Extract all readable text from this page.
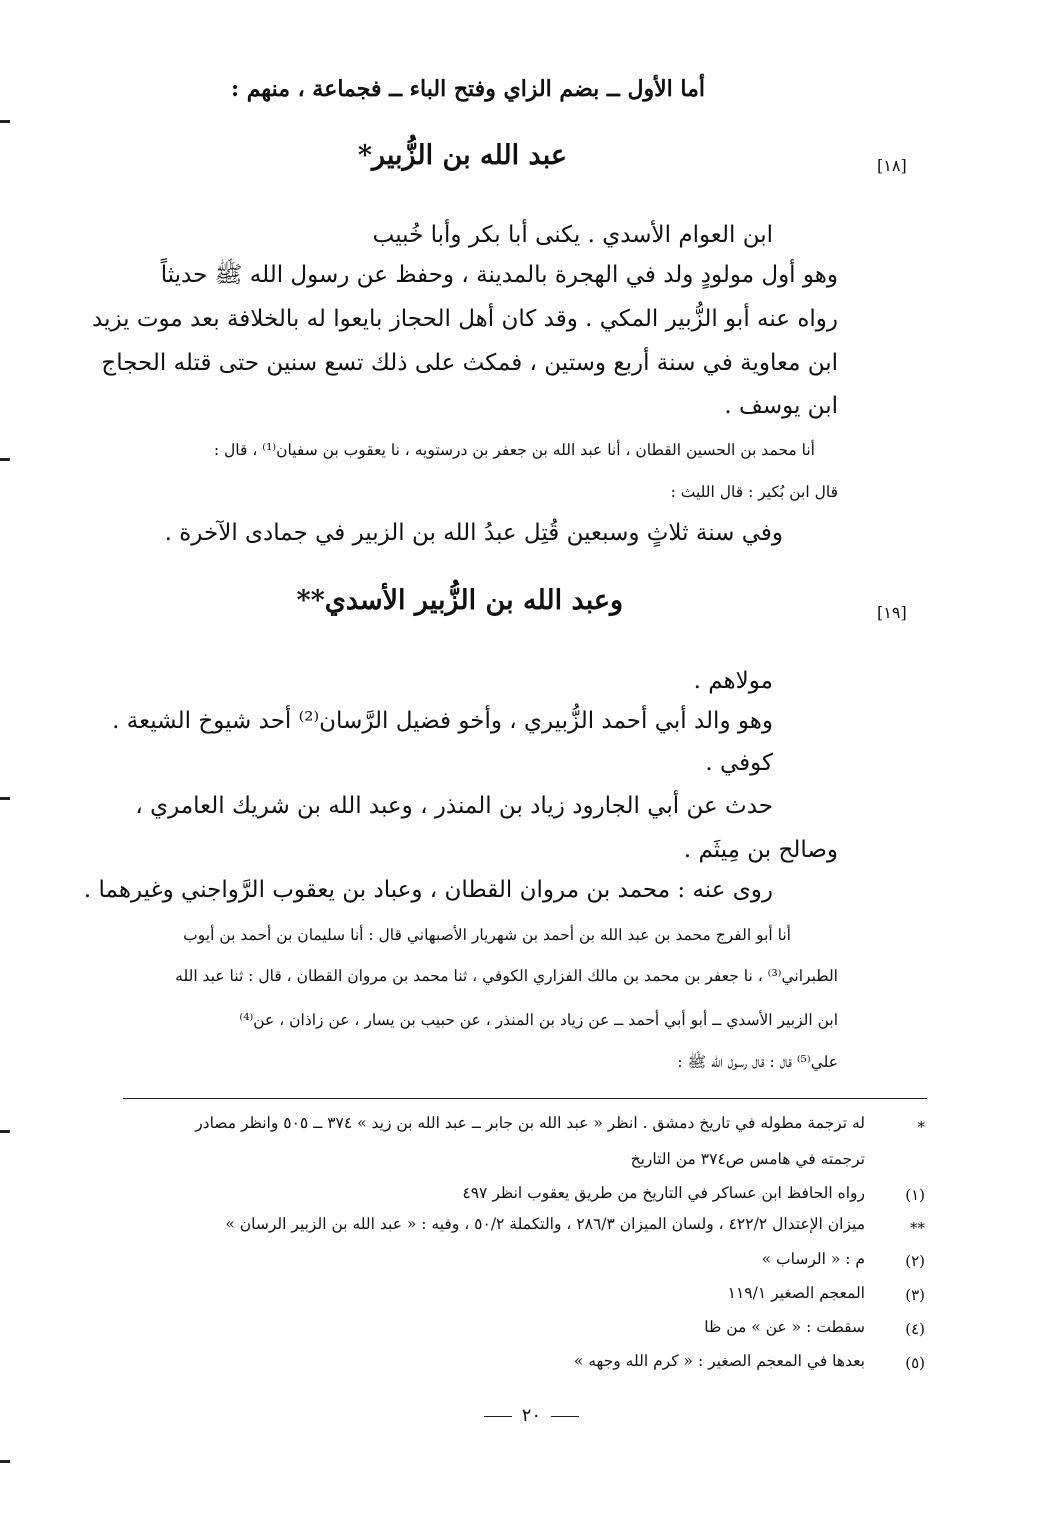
أما الأول ــ بضم الزاي وفتح الباء ــ فجماعة ، منهم :
[١٨]
عبد الله بن الزُّبير*
ابن العوام الأسدي . يكنى أبا بكر وأبا خُبيب
وهو أول مولودٍ ولد في الهجرة بالمدينة ، وحفظ عن رسول الله ﷺ حديثاً
رواه عنه أبو الزُّبير المكي . وقد كان أهل الحجاز بايعوا له بالخلافة بعد موت يزيد
ابن معاوية في سنة أربع وستين ، فمكث على ذلك تسع سنين حتى قتله الحجاج
ابن يوسف .
أنا محمد بن الحسين القطان ، أنا عبد الله بن جعفر بن درستويه ، نا يعقوب بن سفيان⁽¹⁾ ، قال :
قال ابن بُكير : قال الليث :
وفي سنة ثلاثٍ وسبعين قُتِل عبدُ الله بن الزبير في جمادى الآخرة .
[١٩]
وعبد الله بن الزُّبير الأسدي**
مولاهم .
وهو والد أبي أحمد الزُّبيري ، وأخو فضيل الرَّسان⁽²⁾ أحد شيوخ الشيعة .
كوفي .
حدث عن أبي الجارود زياد بن المنذر ، وعبد الله بن شريك العامري ،
وصالح بن مِيثَم .
روى عنه : محمد بن مروان القطان ، وعباد بن يعقوب الرَّواجني وغيرهما .
أنا أبو الفرج محمد بن عبد الله بن أحمد بن شهريار الأصبهاني قال : أنا سليمان بن أحمد بن أيوب
الطبراني⁽³⁾ ، نا جعفر بن محمد بن مالك الفزاري الكوفي ، ثنا محمد بن مروان القطان ، قال : ثنا عبد الله
ابن الزبير الأسدي ــ أبو أبي أحمد ــ عن زياد بن المنذر ، عن حبيب بن يسار ، عن زاذان ، عن⁽⁴⁾
علي⁽⁵⁾ قال : قال رسول الله ﷺ :
*
له ترجمة مطوله في تاريخ دمشق . انظر « عبد الله بن جابر ــ عبد الله بن زيد » ٣٧٤ ــ ٥٠٥ وانظر مصادر
ترجمته في هامس ص٣٧٤ من التاريخ
(١)
رواه الحافظ ابن عساكر في التاريخ من طريق يعقوب انظر ٤٩٧
**
ميزان الإعتدال ٤٢٢/٢ ، ولسان الميزان ٢٨٦/٣ ، والتكملة ٥٠/٢ ، وفيه : « عبد الله بن الزبير الرسان »
(٢)
م : « الرساب »
(٣)
المعجم الصغير ١١٩/١
(٤)
سقطت : « عن » من ظا
(٥)
بعدها في المعجم الصغير : « كرم الله وجهه »
٢٠
